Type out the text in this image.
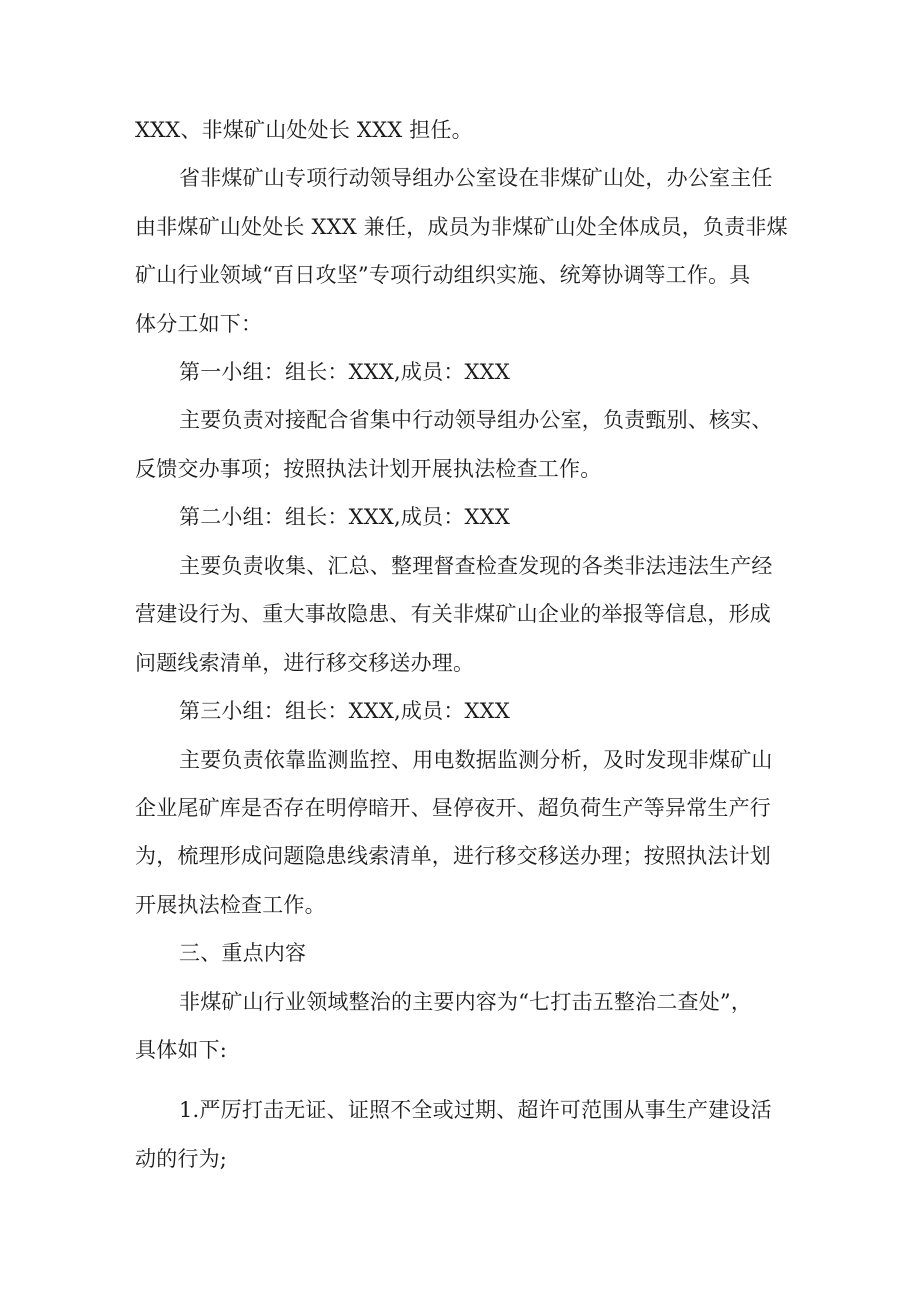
XXX、非煤矿山处处长 XXX 担任。
省非煤矿山专项行动领导组办公室设在非煤矿山处，办公室主任
由非煤矿山处处长 XXX 兼任，成员为非煤矿山处全体成员，负责非煤
矿山行业领域“百日攻坚”专项行动组织实施、统筹协调等工作。具
体分工如下：
第一小组：组长：XXX,成员：XXX
主要负责对接配合省集中行动领导组办公室，负责甄别、核实、
反馈交办事项；按照执法计划开展执法检查工作。
第二小组：组长：XXX,成员：XXX
主要负责收集、汇总、整理督查检查发现的各类非法违法生产经
营建设行为、重大事故隐患、有关非煤矿山企业的举报等信息，形成
问题线索清单，进行移交移送办理。
第三小组：组长：XXX,成员：XXX
主要负责依靠监测监控、用电数据监测分析，及时发现非煤矿山
企业尾矿库是否存在明停暗开、昼停夜开、超负荷生产等异常生产行
为，梳理形成问题隐患线索清单，进行移交移送办理；按照执法计划
开展执法检查工作。
三、重点内容
非煤矿山行业领域整治的主要内容为“七打击五整治二查处”，
具体如下:
1.严厉打击无证、证照不全或过期、超许可范围从事生产建设活
动的行为;
